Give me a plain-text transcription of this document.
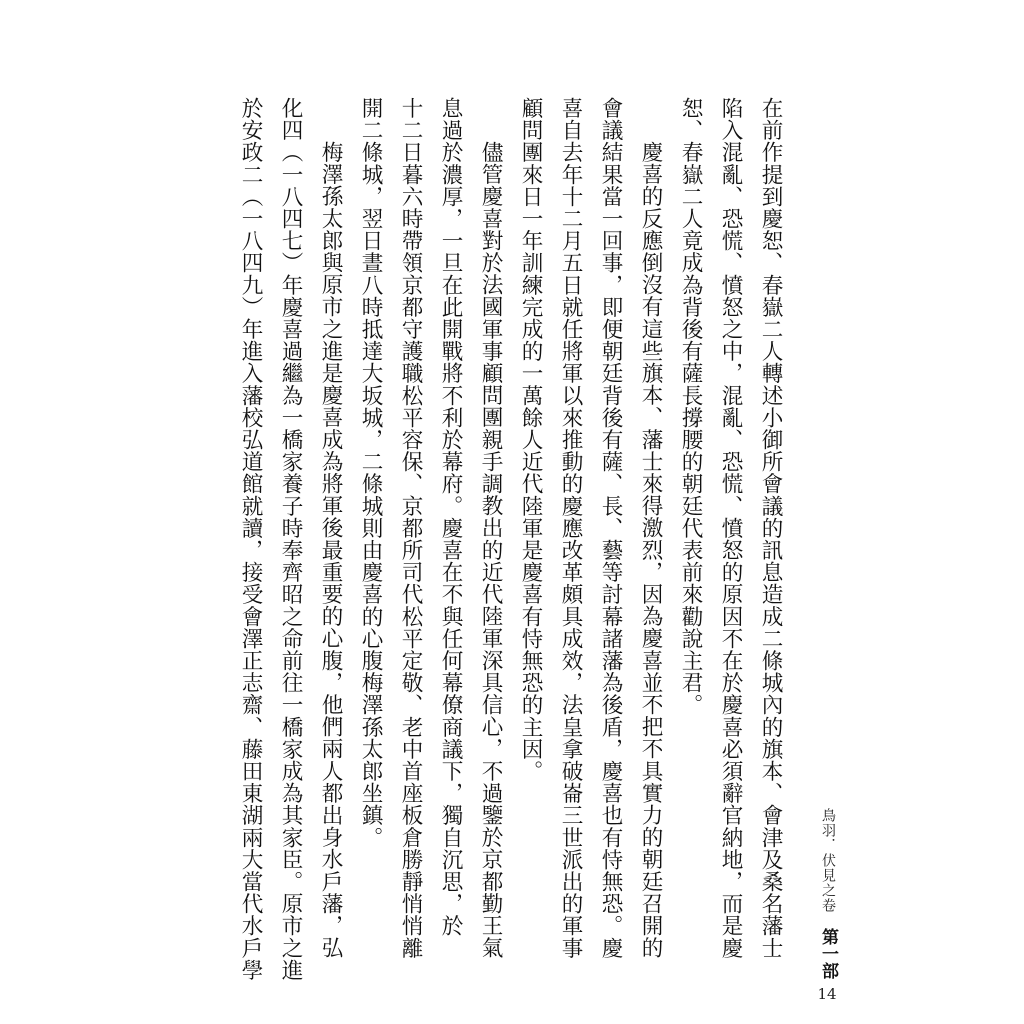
在前作提到慶恕、春嶽二人轉述小御所會議的訊息造成二條城內的旗本、會津及桑名藩士
陷入混亂、恐慌、憤怒之中，混亂、恐慌、憤怒的原因不在於慶喜必須辭官納地，而是慶
恕、春嶽二人竟成為背後有薩長撐腰的朝廷代表前來勸說主君。
慶喜的反應倒沒有這些旗本、藩士來得激烈，因為慶喜並不把不具實力的朝廷召開的
會議結果當一回事，即便朝廷背後有薩、長、藝等討幕諸藩為後盾，慶喜也有恃無恐。慶
喜自去年十二月五日就任將軍以來推動的慶應改革頗具成效，法皇拿破崙三世派出的軍事
顧問團來日一年訓練完成的一萬餘人近代陸軍是慶喜有恃無恐的主因。
儘管慶喜對於法國軍事顧問團親手調教出的近代陸軍深具信心，不過鑒於京都勤王氣
息過於濃厚，一旦在此開戰將不利於幕府。慶喜在不與任何幕僚商議下，獨自沉思，於
十二日暮六時帶領京都守護職松平容保、京都所司代松平定敬、老中首座板倉勝靜悄悄離
開二條城，翌日晝八時抵達大坂城，二條城則由慶喜的心腹梅澤孫太郎坐鎮。
梅澤孫太郎與原市之進是慶喜成為將軍後最重要的心腹，他們兩人都出身水戶藩，弘
化四（一八四七）年慶喜過繼為一橋家養子時奉齊昭之命前往一橋家成為其家臣。原市之進
於安政二（一八四九）年進入藩校弘道館就讀，接受會澤正志齋、藤田東湖兩大當代水戶學	鳥羽．伏見之卷
第一部
14
